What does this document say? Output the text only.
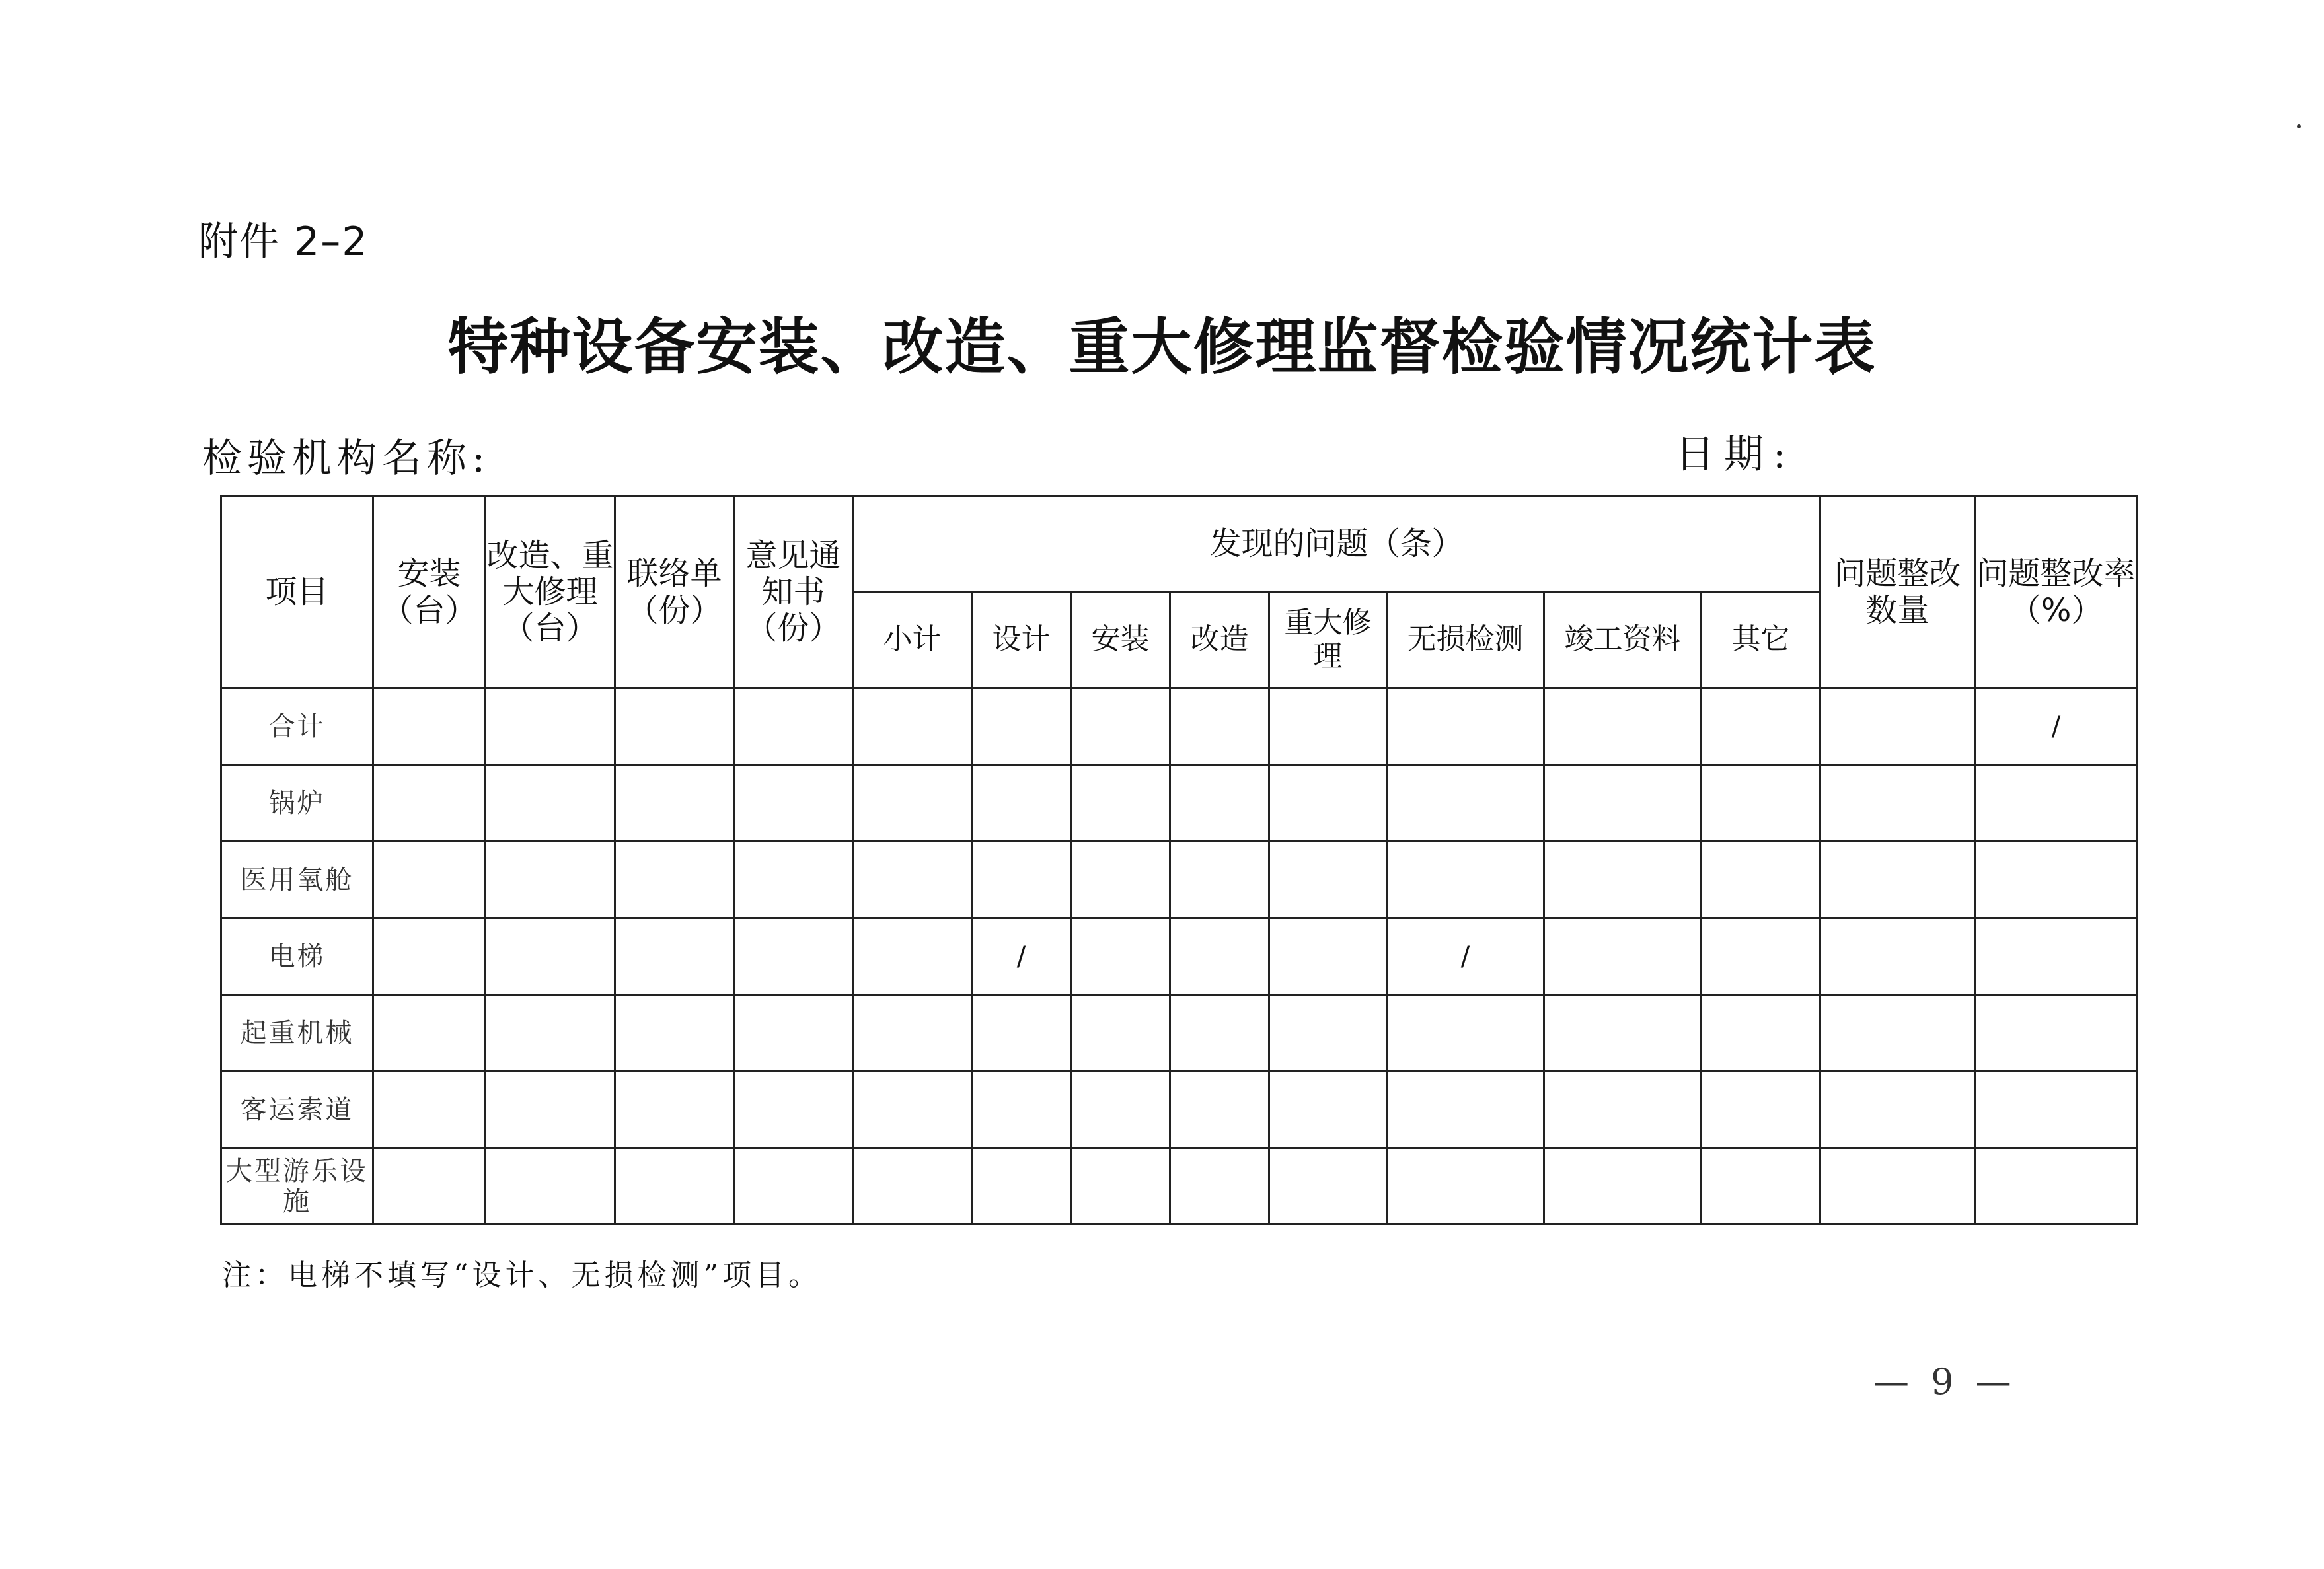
附件 2–2
特种设备安装、改造、重大修理监督检验情况统计表
检验机构名称:	日期:
项目	安装（台）	改造、重大修理（台）	联络单（份）	意见通知书（份）	发现的问题（条）								问题整改数量	问题整改率（%）
					小计	设计	安装	改造	重大修理	无损检测	竣工资料	其它		
合计														/
锅炉														
医用氧舱														
电梯						/				/				
起重机械														
客运索道														
大型游乐设施														
注：电梯不填写“设计、无损检测”项目。
— 9 —
